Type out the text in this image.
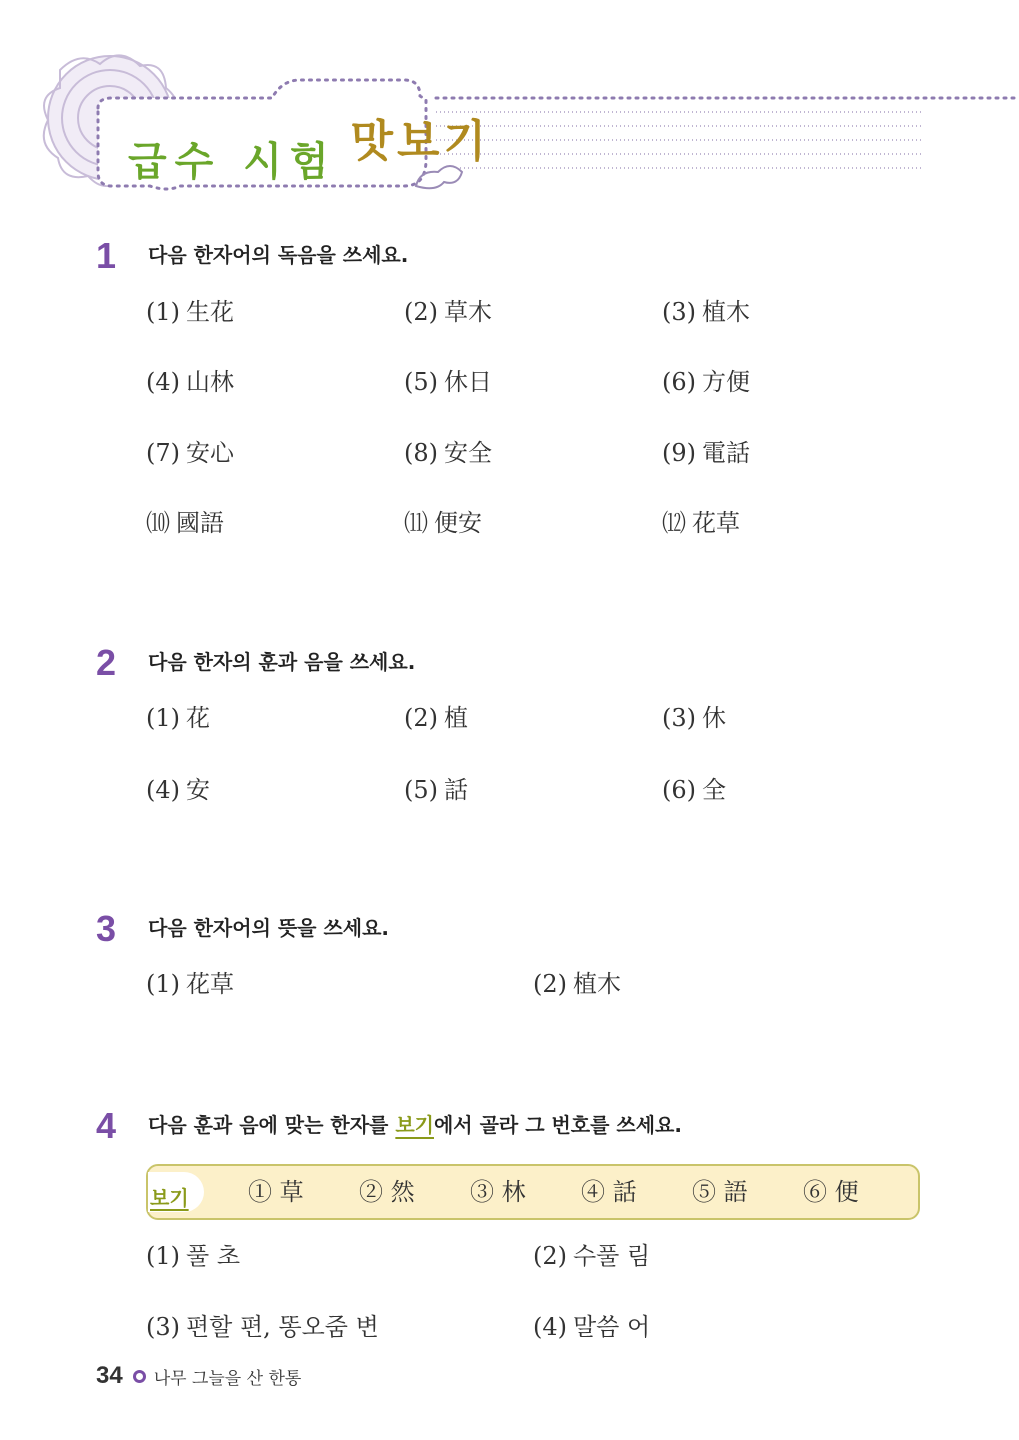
급수 시험 맛보기
1 다음 한자어의 독음을 쓰세요.
(1) 生花	(2) 草木	(3) 植木
(4) 山林	(5) 休日	(6) 方便
(7) 安心	(8) 安全	(9) 電話
⑽ 國語	⑾ 便安	⑿ 花草
2 다음 한자의 훈과 음을 쓰세요.
(1) 花	(2) 植	(3) 休
(4) 安	(5) 話	(6) 全
3 다음 한자어의 뜻을 쓰세요.
(1) 花草	(2) 植木
4 다음 훈과 음에 맞는 한자를 보기에서 골라 그 번호를 쓰세요.
보기 ① 草 ② 然 ③ 林 ④ 話 ⑤ 語 ⑥ 便
(1) 풀 초	(2) 수풀 림
(3) 편할 편, 똥오줌 변	(4) 말씀 어
34 나무 그늘을 산 한통
